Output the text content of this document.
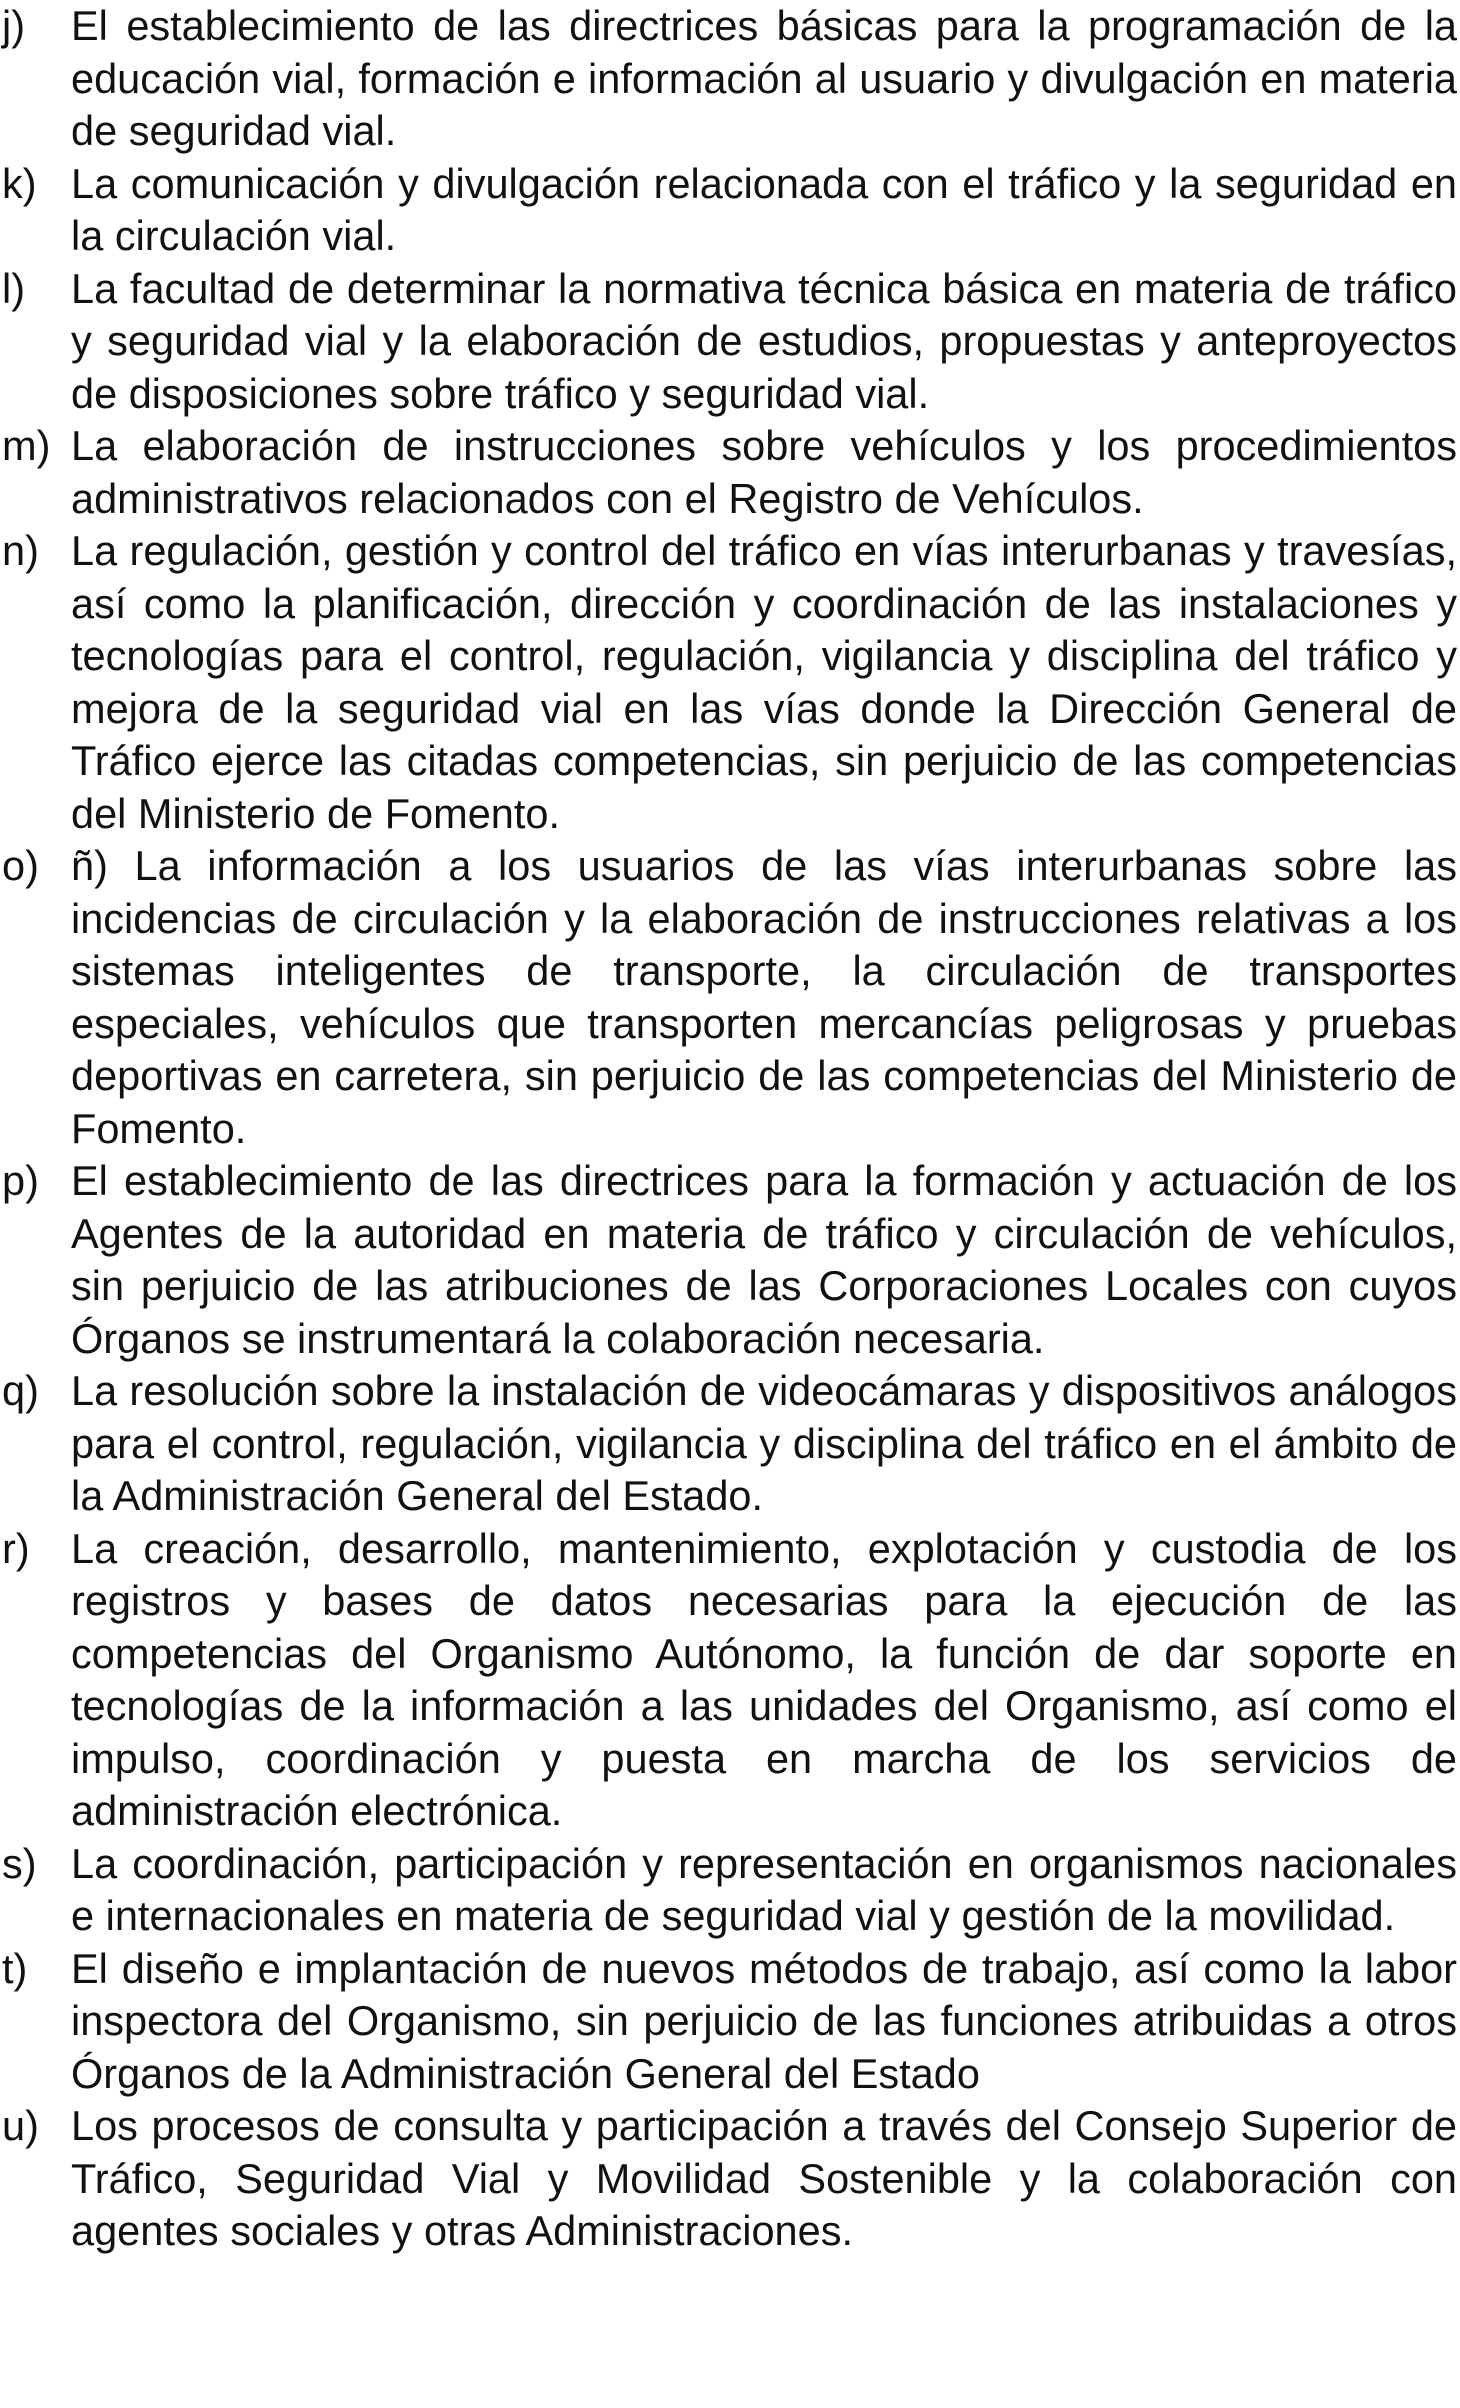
j)	El establecimiento de las directrices básicas para la programación de la educación vial, formación e información al usuario y divulgación en materia de seguridad vial.
k) La comunicación y divulgación relacionada con el tráfico y la seguridad en la circulación vial.
l)	La facultad de determinar la normativa técnica básica en materia de tráfico y seguridad vial y la elaboración de estudios, propuestas y anteproyectos de disposiciones sobre tráfico y seguridad vial.
m) La elaboración de instrucciones sobre vehículos y los procedimientos administrativos relacionados con el Registro de Vehículos.
n) La regulación, gestión y control del tráfico en vías interurbanas y travesías, así como la planificación, dirección y coordinación de las instalaciones y tecnologías para el control, regulación, vigilancia y disciplina del tráfico y mejora de la seguridad vial en las vías donde la Dirección General de Tráfico ejerce las citadas competencias, sin perjuicio de las competencias del Ministerio de Fomento.
o) ñ) La información a los usuarios de las vías interurbanas sobre las incidencias de circulación y la elaboración de instrucciones relativas a los sistemas inteligentes de transporte, la circulación de transportes especiales, vehículos que transporten mercancías peligrosas y pruebas deportivas en carretera, sin perjuicio de las competencias del Ministerio de Fomento.
p) El establecimiento de las directrices para la formación y actuación de los Agentes de la autoridad en materia de tráfico y circulación de vehículos, sin perjuicio de las atribuciones de las Corporaciones Locales con cuyos Órganos se instrumentará la colaboración necesaria.
q) La resolución sobre la instalación de videocámaras y dispositivos análogos para el control, regulación, vigilancia y disciplina del tráfico en el ámbito de la Administración General del Estado.
r) La creación, desarrollo, mantenimiento, explotación y custodia de los registros y bases de datos necesarias para la ejecución de las competencias del Organismo Autónomo, la función de dar soporte en tecnologías de la información a las unidades del Organismo, así como el impulso, coordinación y puesta en marcha de los servicios de administración electrónica.
s) La coordinación, participación y representación en organismos nacionales e internacionales en materia de seguridad vial y gestión de la movilidad.
t)	El diseño e implantación de nuevos métodos de trabajo, así como la labor inspectora del Organismo, sin perjuicio de las funciones atribuidas a otros Órganos de la Administración General del Estado
u) Los procesos de consulta y participación a través del Consejo Superior de Tráfico, Seguridad Vial y Movilidad Sostenible y la colaboración con agentes sociales y otras Administraciones.
